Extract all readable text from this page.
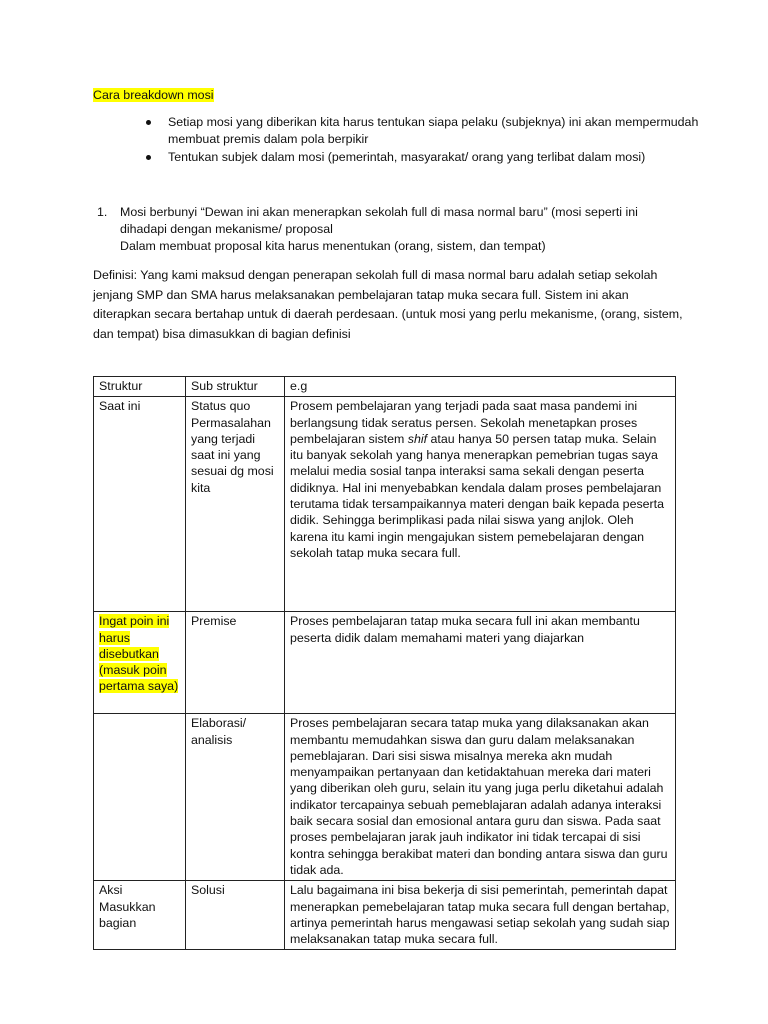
Cara breakdown mosi
Setiap mosi yang diberikan kita harus tentukan siapa pelaku (subjeknya) ini akan mempermudah membuat premis dalam pola berpikir
Tentukan subjek dalam mosi (pemerintah, masyarakat/ orang yang terlibat dalam mosi)
1. Mosi berbunyi “Dewan ini akan menerapkan sekolah full di masa normal baru” (mosi seperti ini dihadapi dengan mekanisme/ proposal
Dalam membuat proposal kita harus menentukan (orang, sistem, dan tempat)
Definisi: Yang kami maksud dengan penerapan sekolah full di masa normal baru adalah setiap sekolah jenjang SMP dan SMA harus melaksanakan pembelajaran tatap muka secara full. Sistem ini akan diterapkan secara bertahap untuk di daerah perdesaan. (untuk mosi yang perlu mekanisme, (orang, sistem, dan tempat) bisa dimasukkan di bagian definisi
Struktur	Sub struktur	e.g
Saat ini	Status quo Permasalahan yang terjadi saat ini yang sesuai dg mosi kita	Prosem pembelajaran yang terjadi pada saat masa pandemi ini berlangsung tidak seratus persen. Sekolah menetapkan proses pembelajaran sistem shif atau hanya 50 persen tatap muka. Selain itu banyak sekolah yang hanya menerapkan pemebrian tugas saya melalui media sosial tanpa interaksi sama sekali dengan peserta didiknya. Hal ini menyebabkan kendala dalam proses pembelajaran terutama tidak tersampaikannya materi dengan baik kepada peserta didik. Sehingga berimplikasi pada nilai siswa yang anjlok. Oleh karena itu kami ingin mengajukan sistem pemebelajaran dengan sekolah tatap muka secara full.
Ingat poin ini harus disebutkan (masuk poin pertama saya)	Premise	Proses pembelajaran tatap muka secara full ini akan membantu peserta didik dalam memahami materi yang diajarkan
	Elaborasi/ analisis	Proses pembelajaran secara tatap muka yang dilaksanakan akan membantu memudahkan siswa dan guru dalam melaksanakan pemeblajaran. Dari sisi siswa misalnya mereka akn mudah menyampaikan pertanyaan dan ketidaktahuan mereka dari materi yang diberikan oleh guru, selain itu yang juga perlu diketahui adalah indikator tercapainya sebuah pemeblajaran adalah adanya interaksi baik secara sosial dan emosional antara guru dan siswa. Pada saat proses pembelajaran jarak jauh indikator ini tidak tercapai di sisi kontra sehingga berakibat materi dan bonding antara siswa dan guru tidak ada.
Aksi Masukkan bagian	Solusi	Lalu bagaimana ini bisa bekerja di sisi pemerintah, pemerintah dapat menerapkan pemebelajaran tatap muka secara full dengan bertahap, artinya pemerintah harus mengawasi setiap sekolah yang sudah siap melaksanakan tatap muka secara full.
